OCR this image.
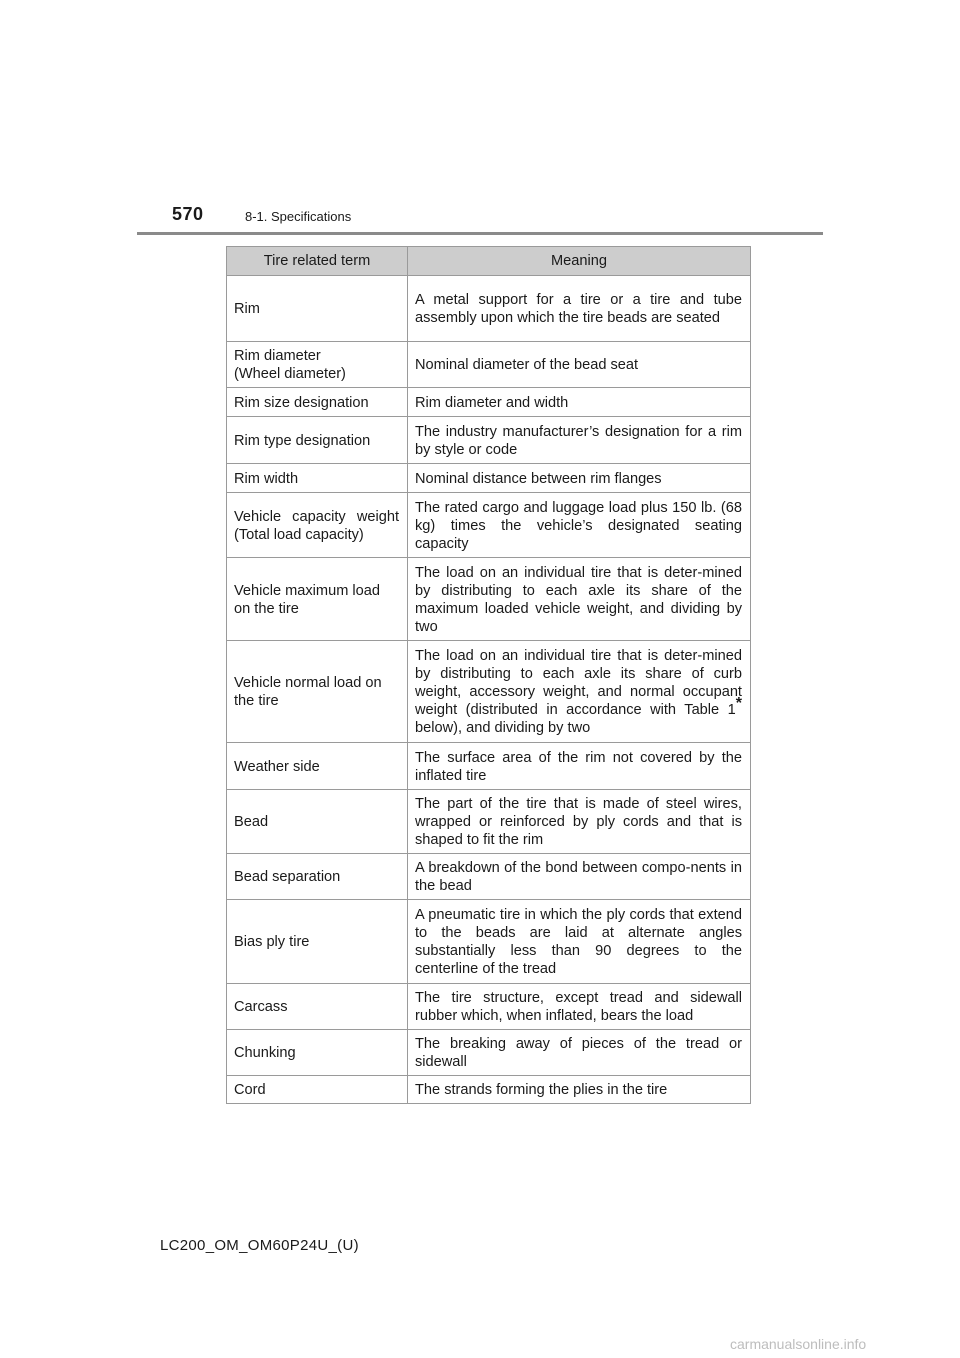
570	8-1. Specifications
Tire related term	Meaning
Rim	A metal support for a tire or a tire and tube assembly upon which the tire beads are seated
Rim diameter
(Wheel diameter)	Nominal diameter of the bead seat
Rim size designation	Rim diameter and width
Rim type designation	The industry manufacturer’s designation for a rim by style or code
Rim width	Nominal distance between rim flanges
Vehicle capacity weight (Total load capacity)	The rated cargo and luggage load plus 150 lb. (68 kg) times the vehicle’s designated seating capacity
Vehicle maximum load on the tire	The load on an individual tire that is deter-mined by distributing to each axle its share of the maximum loaded vehicle weight, and dividing by two
Vehicle normal load on the tire	The load on an individual tire that is deter-mined by distributing to each axle its share of curb weight, accessory weight, and normal occupant weight (distributed in accordance with Table 1* below), and dividing by two
Weather side	The surface area of the rim not covered by the inflated tire
Bead	The part of the tire that is made of steel wires, wrapped or reinforced by ply cords and that is shaped to fit the rim
Bead separation	A breakdown of the bond between compo-nents in the bead
Bias ply tire	A pneumatic tire in which the ply cords that extend to the beads are laid at alternate angles substantially less than 90 degrees to the centerline of the tread
Carcass	The tire structure, except tread and sidewall rubber which, when inflated, bears the load
Chunking	The breaking away of pieces of the tread or sidewall
Cord	The strands forming the plies in the tire
LC200_OM_OM60P24U_(U)
carmanualsonline.info
